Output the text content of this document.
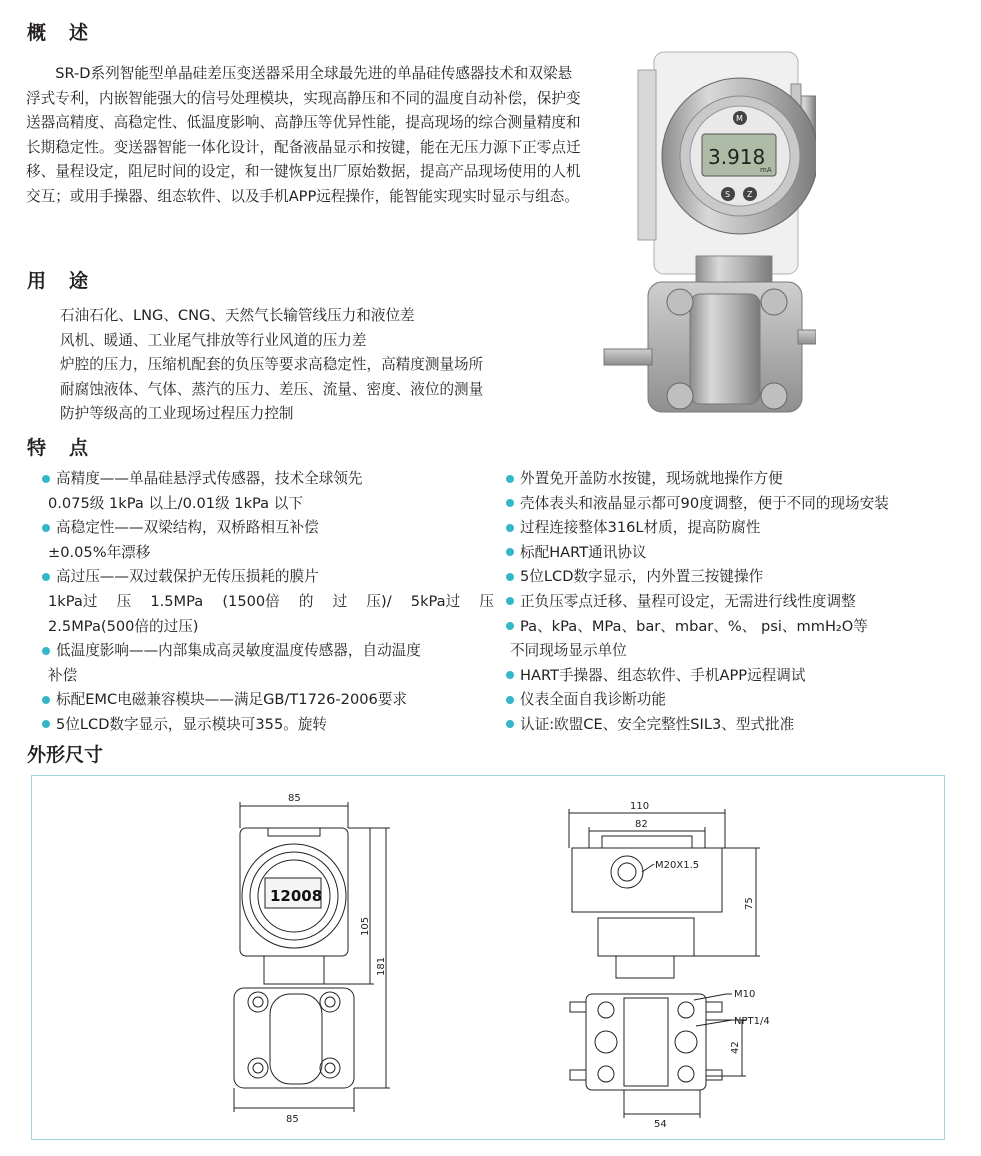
概　述

SR-D系列智能型单晶硅差压变送器采用全球最先进的单晶硅传感器技术和双梁悬浮式专利，内嵌智能强大的信号处理模块，实现高静压和不同的温度自动补偿，保护变送器高精度、高稳定性、低温度影响、高静压等优异性能，提高现场的综合测量精度和长期稳定性。变送器智能一体化设计，配备液晶显示和按键，能在无压力源下正零点迁移、量程设定，阻尼时间的设定，和一键恢复出厂原始数据，提高产品现场使用的人机交互；或用手操器、组态软件、以及手机APP远程操作，能智能实现实时显示与组态。

用　途
石油石化、LNG、CNG、天然气长输管线压力和液位差
风机、暖通、工业尾气排放等行业风道的压力差
炉腔的压力，压缩机配套的负压等要求高稳定性，高精度测量场所
耐腐蚀液体、气体、蒸汽的压力、差压、流量、密度、液位的测量
防护等级高的工业现场过程压力控制
特　点
高精度——单晶硅悬浮式传感器，技术全球领先
0.075级 1kPa 以上/0.01级 1kPa 以下
高稳定性——双梁结构，双桥路相互补偿
±0.05%年漂移
高过压——双过载保护无传压损耗的膜片
1kPa过 压 1.5MPa (1500倍 的 过 压)/ 5kPa过 压
2.5MPa(500倍的过压)
低温度影响——内部集成高灵敏度温度传感器，自动温度
补偿
标配EMC电磁兼容模块——满足GB/T1726-2006要求
5位LCD数字显示，显示模块可355。旋转
外置免开盖防水按键，现场就地操作方便
壳体表头和液晶显示都可90度调整，便于不同的现场安装
过程连接整体316L材质，提高防腐性
标配HART通讯协议
5位LCD数字显示，内外置三按键操作
正负压零点迁移、量程可设定，无需进行线性度调整
Pa、kPa、MPa、bar、mbar、%、 psi、mmH₂O等
不同现场显示单位
HART手操器、组态软件、手机APP远程调试
仪表全面自我诊断功能
认证:欧盟CE、安全完整性SIL3、型式批准
3.918
mA
M
S Z
外形尺寸
85
85
105
181
12008
110
82
75
M20X1.5
M10
NPT1/4
42
54
